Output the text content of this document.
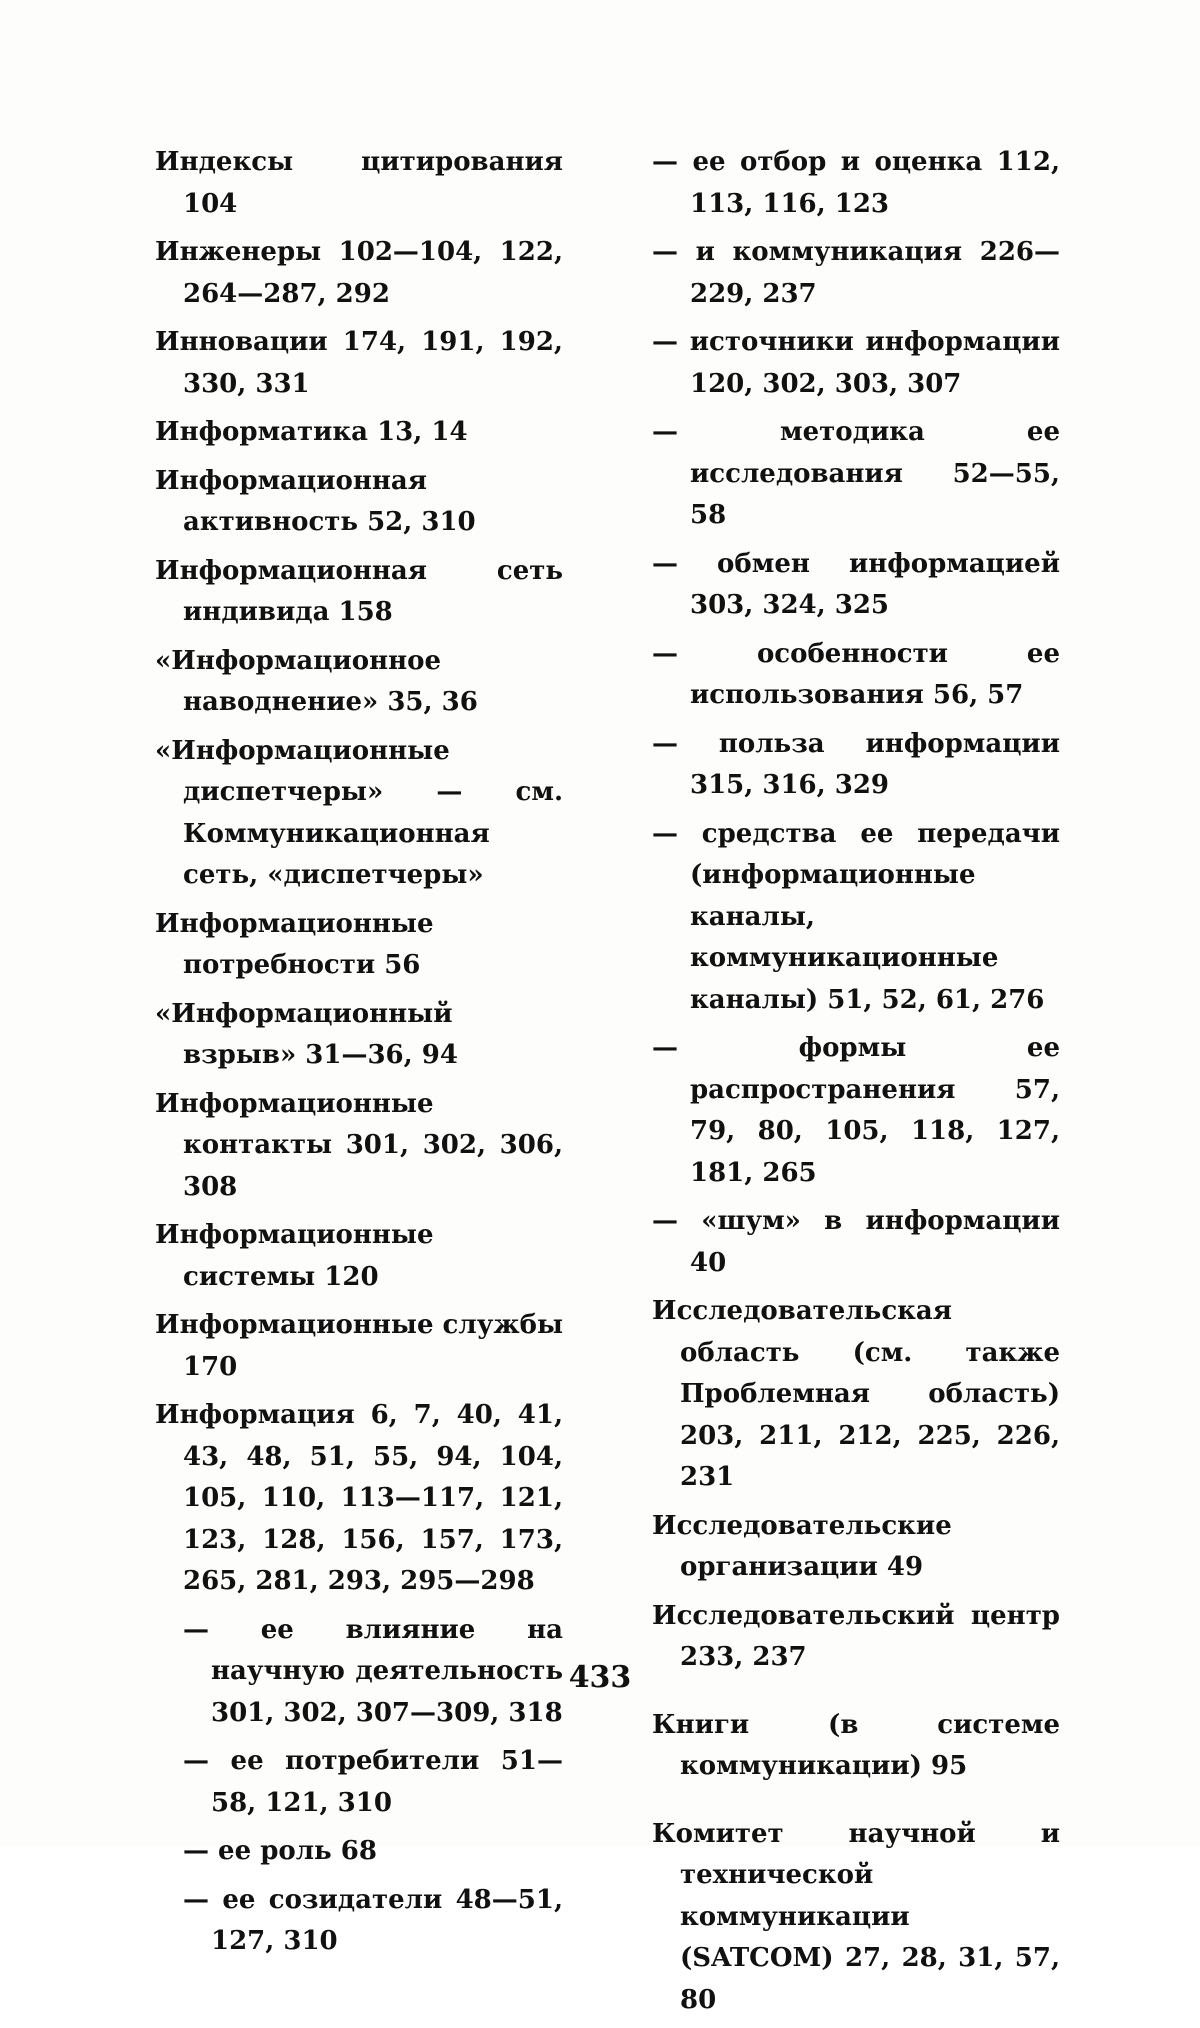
Индексы цитирования 104

Инженеры 102—104, 122, 264—287, 292

Инновации 174, 191, 192, 330, 331

Информатика 13, 14

Информационная активность 52, 310

Информационная сеть индивида 158

«Информационное наводнение» 35, 36

«Информационные диспетчеры» — см. Коммуникационная сеть, «диспетчеры»

Информационные потребности 56

«Информационный взрыв» 31—36, 94

Информационные контакты 301, 302, 306, 308

Информационные системы 120

Информационные службы 170

Информация 6, 7, 40, 41, 43, 48, 51, 55, 94, 104, 105, 110, 113—117, 121, 123, 128, 156, 157, 173, 265, 281, 293, 295—298

— ее влияние на научную деятельность 301, 302, 307—309, 318

— ее потребители 51—58, 121, 310

— ее роль 68

— ее созидатели 48—51, 127, 310

— ее отбор и оценка 112, 113, 116, 123

— и коммуникация 226—229, 237

— источники информации 120, 302, 303, 307

— методика ее исследования 52—55, 58

— обмен информацией 303, 324, 325

— особенности ее использования 56, 57

— польза информации 315, 316, 329

— средства ее передачи (информационные каналы, коммуникационные каналы) 51, 52, 61, 276

— формы ее распространения 57, 79, 80, 105, 118, 127, 181, 265

— «шум» в информации 40

Исследовательская область (см. также Проблемная область) 203, 211, 212, 225, 226, 231

Исследовательские организации 49

Исследовательский центр 233, 237

Книги (в системе коммуникации) 95

Комитет научной и технической коммуникации (SATCOM) 27, 28, 31, 57, 80

433
